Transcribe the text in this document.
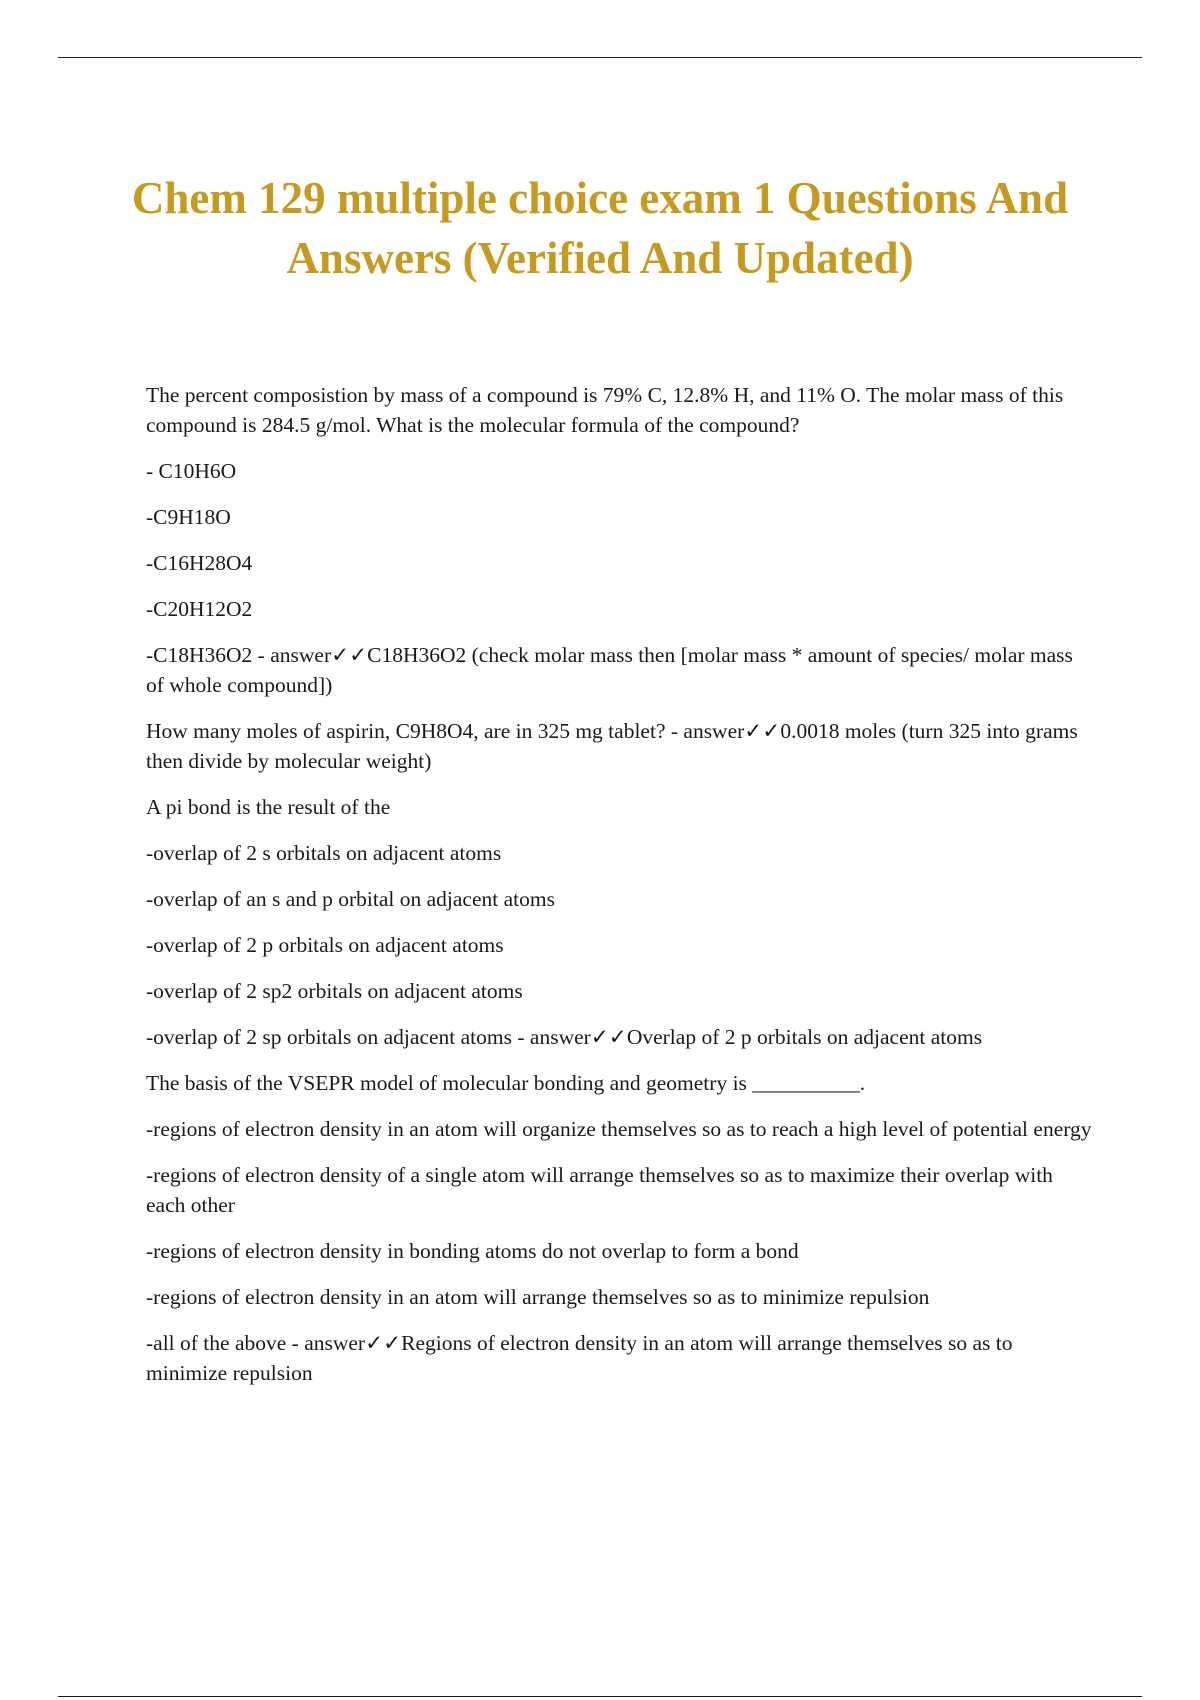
Chem 129 multiple choice exam 1 Questions And Answers (Verified And Updated)

The percent composistion by mass of a compound is 79% C, 12.8% H, and 11% O. The molar mass of this compound is 284.5 g/mol. What is the molecular formula of the compound?

- C10H6O

-C9H18O

-C16H28O4

-C20H12O2

-C18H36O2 - answer✓✓C18H36O2 (check molar mass then [molar mass * amount of species/ molar mass of whole compound])

How many moles of aspirin, C9H8O4, are in 325 mg tablet? - answer✓✓0.0018 moles (turn 325 into grams then divide by molecular weight)

A pi bond is the result of the

-overlap of 2 s orbitals on adjacent atoms

-overlap of an s and p orbital on adjacent atoms

-overlap of 2 p orbitals on adjacent atoms

-overlap of 2 sp2 orbitals on adjacent atoms

-overlap of 2 sp orbitals on adjacent atoms - answer✓✓Overlap of 2 p orbitals on adjacent atoms

The basis of the VSEPR model of molecular bonding and geometry is __________.

-regions of electron density in an atom will organize themselves so as to reach a high level of potential energy

-regions of electron density of a single atom will arrange themselves so as to maximize their overlap with each other

-regions of electron density in bonding atoms do not overlap to form a bond

-regions of electron density in an atom will arrange themselves so as to minimize repulsion

-all of the above - answer✓✓Regions of electron density in an atom will arrange themselves so as to minimize repulsion
